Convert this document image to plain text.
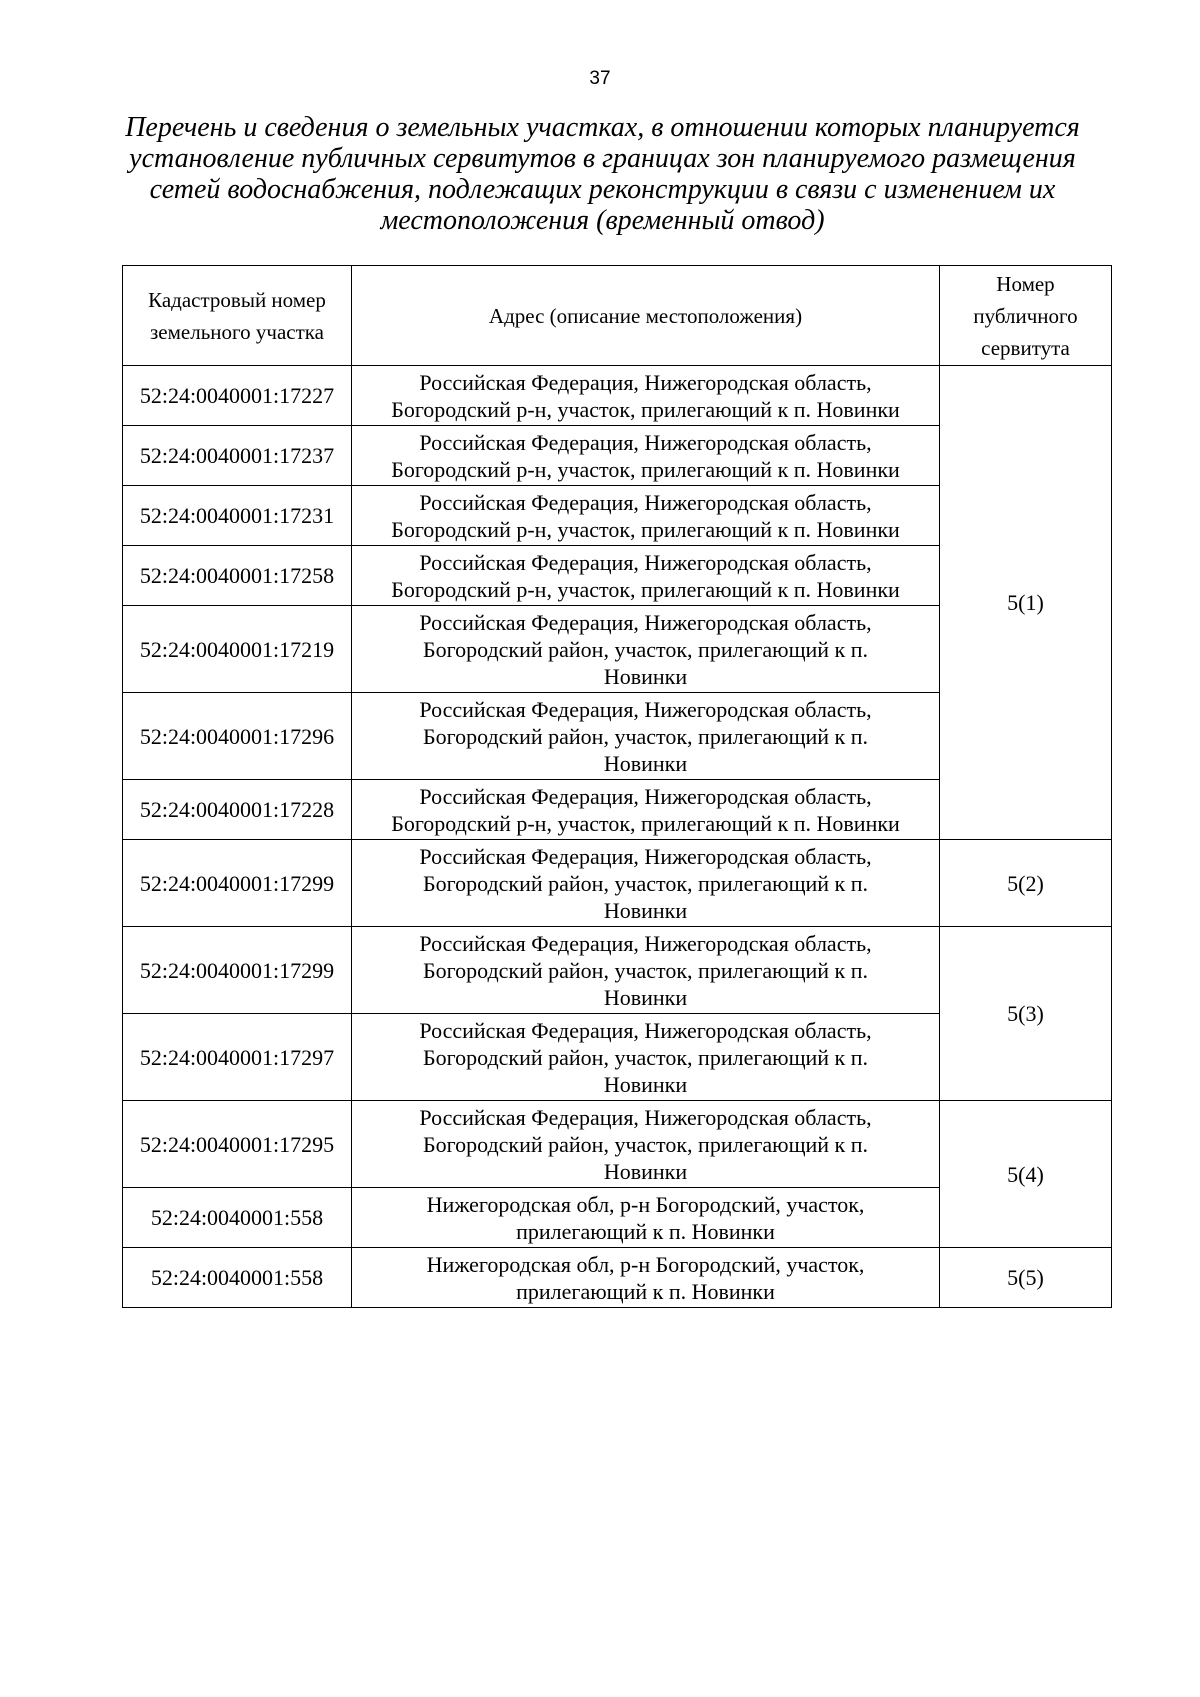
37
Перечень и сведения о земельных участках, в отношении которых планируется установление публичных сервитутов в границах зон планируемого размещения сетей водоснабжения, подлежащих реконструкции в связи с изменением их местоположения (временный отвод)
Кадастровый номер земельного участка	Адрес (описание местоположения)	Номер публичного сервитута
52:24:0040001:17227	Российская Федерация, Нижегородская область,
Богородский р-н, участок, прилегающий к п. Новинки	5(1)
52:24:0040001:17237	Российская Федерация, Нижегородская область,
Богородский р-н, участок, прилегающий к п. Новинки	

52:24:0040001:17231	Российская Федерация, Нижегородская область,
Богородский р-н, участок, прилегающий к п. Новинки	

52:24:0040001:17258	Российская Федерация, Нижегородская область,
Богородский р-н, участок, прилегающий к п. Новинки	

52:24:0040001:17219	Российская Федерация, Нижегородская область,
Богородский район, участок, прилегающий к п.
Новинки	

52:24:0040001:17296	Российская Федерация, Нижегородская область,
Богородский район, участок, прилегающий к п.
Новинки	

52:24:0040001:17228	Российская Федерация, Нижегородская область,
Богородский р-н, участок, прилегающий к п. Новинки	

52:24:0040001:17299	Российская Федерация, Нижегородская область,
Богородский район, участок, прилегающий к п.
Новинки	5(2)
52:24:0040001:17299	Российская Федерация, Нижегородская область,
Богородский район, участок, прилегающий к п.
Новинки	5(3)
52:24:0040001:17297	Российская Федерация, Нижегородская область,
Богородский район, участок, прилегающий к п.
Новинки	

52:24:0040001:17295	Российская Федерация, Нижегородская область,
Богородский район, участок, прилегающий к п.
Новинки	5(4)
52:24:0040001:558	Нижегородская обл, р-н Богородский, участок,
прилегающий к п. Новинки	

52:24:0040001:558	Нижегородская обл, р-н Богородский, участок,
прилегающий к п. Новинки	5(5)
